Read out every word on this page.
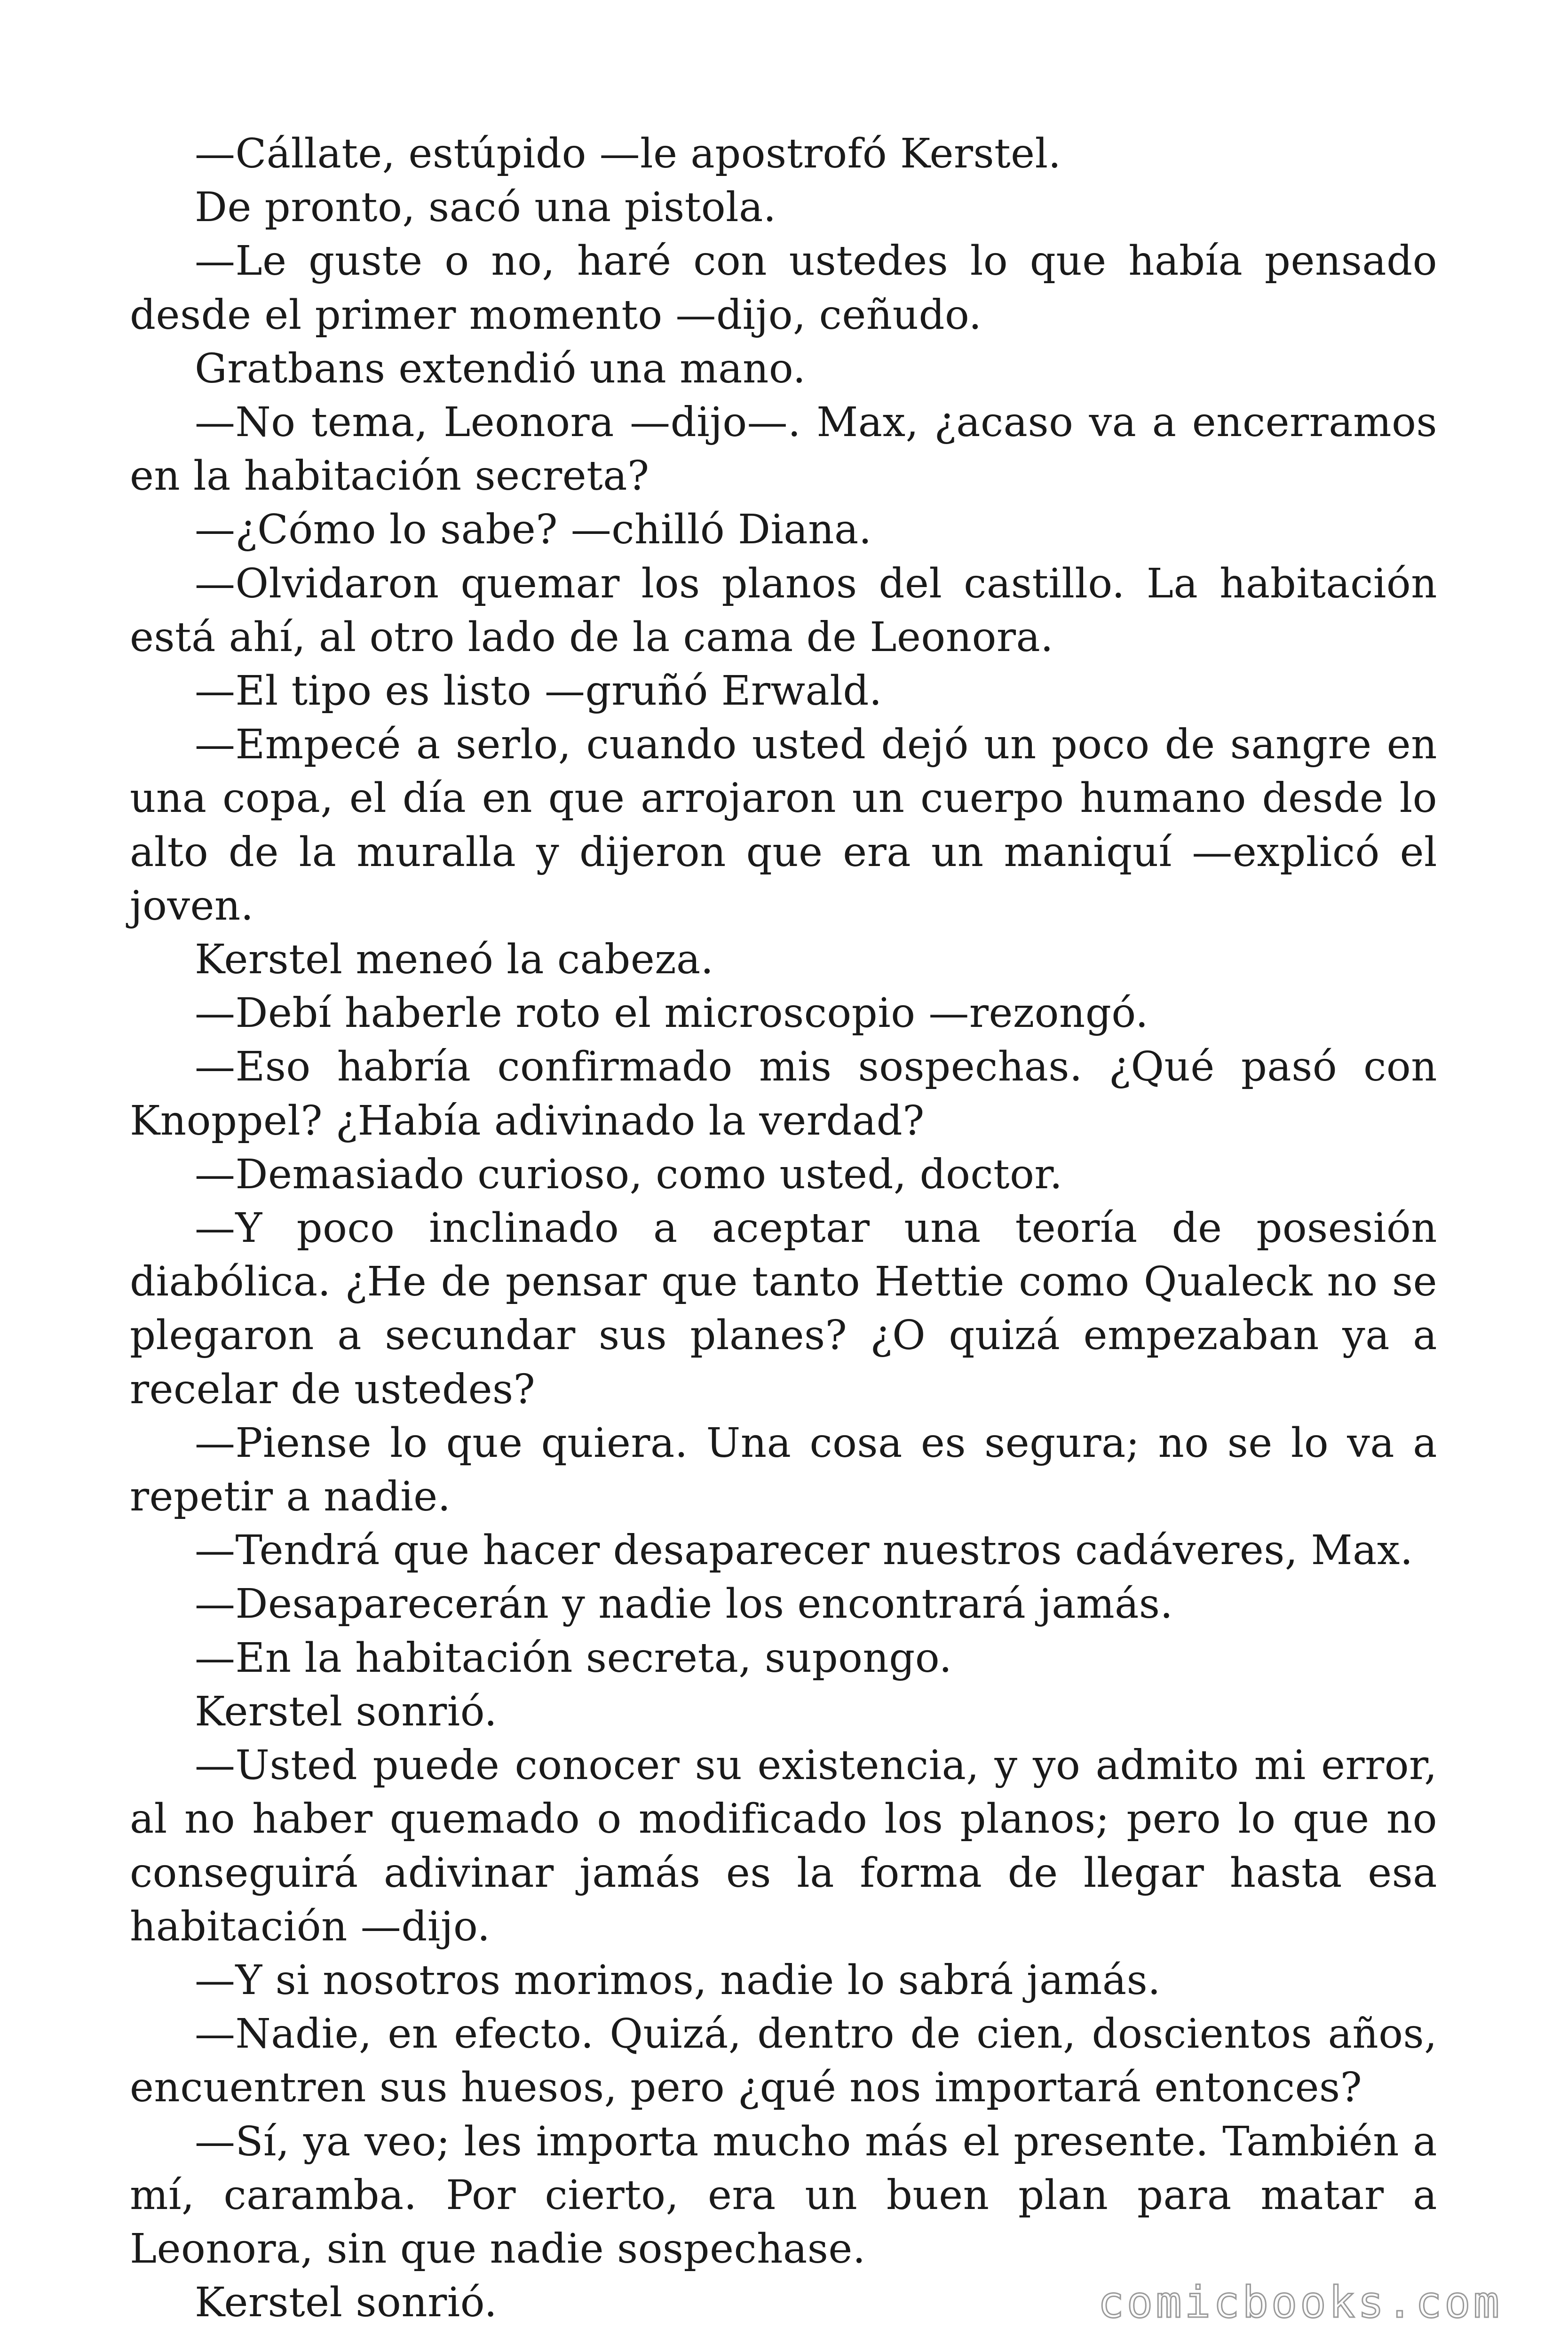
—Cállate, estúpido —le apostrofó Kerstel.

De pronto, sacó una pistola.

—Le guste o no, haré con ustedes lo que había pensado desde el primer momento —dijo, ceñudo.

Gratbans extendió una mano.

—No tema, Leonora —dijo—. Max, ¿acaso va a encerramos en la habitación secreta?

—¿Cómo lo sabe? —chilló Diana.

—Olvidaron quemar los planos del castillo. La habitación está ahí, al otro lado de la cama de Leonora.

—El tipo es listo —gruñó Erwald.

—Empecé a serlo, cuando usted dejó un poco de sangre en una copa, el día en que arrojaron un cuerpo humano desde lo alto de la muralla y dijeron que era un maniquí —explicó el joven.

Kerstel meneó la cabeza.

—Debí haberle roto el microscopio —rezongó.

—Eso habría confirmado mis sospechas. ¿Qué pasó con Knoppel? ¿Había adivinado la verdad?

—Demasiado curioso, como usted, doctor.

—Y poco inclinado a aceptar una teoría de posesión diabólica. ¿He de pensar que tanto Hettie como Qualeck no se plegaron a secundar sus planes? ¿O quizá empezaban ya a recelar de ustedes?

—Piense lo que quiera. Una cosa es segura; no se lo va a repetir a nadie.

—Tendrá que hacer desaparecer nuestros cadáveres, Max.

—Desaparecerán y nadie los encontrará jamás.

—En la habitación secreta, supongo.

Kerstel sonrió.

—Usted puede conocer su existencia, y yo admito mi error, al no haber quemado o modificado los planos; pero lo que no conseguirá adivinar jamás es la forma de llegar hasta esa habitación —dijo.

—Y si nosotros morimos, nadie lo sabrá jamás.

—Nadie, en efecto. Quizá, dentro de cien, doscientos años, encuentren sus huesos, pero ¿qué nos importará entonces?

—Sí, ya veo; les importa mucho más el presente. También a mí, caramba. Por cierto, era un buen plan para matar a Leonora, sin que nadie sospechase.

Kerstel sonrió.	comicbooks.com
